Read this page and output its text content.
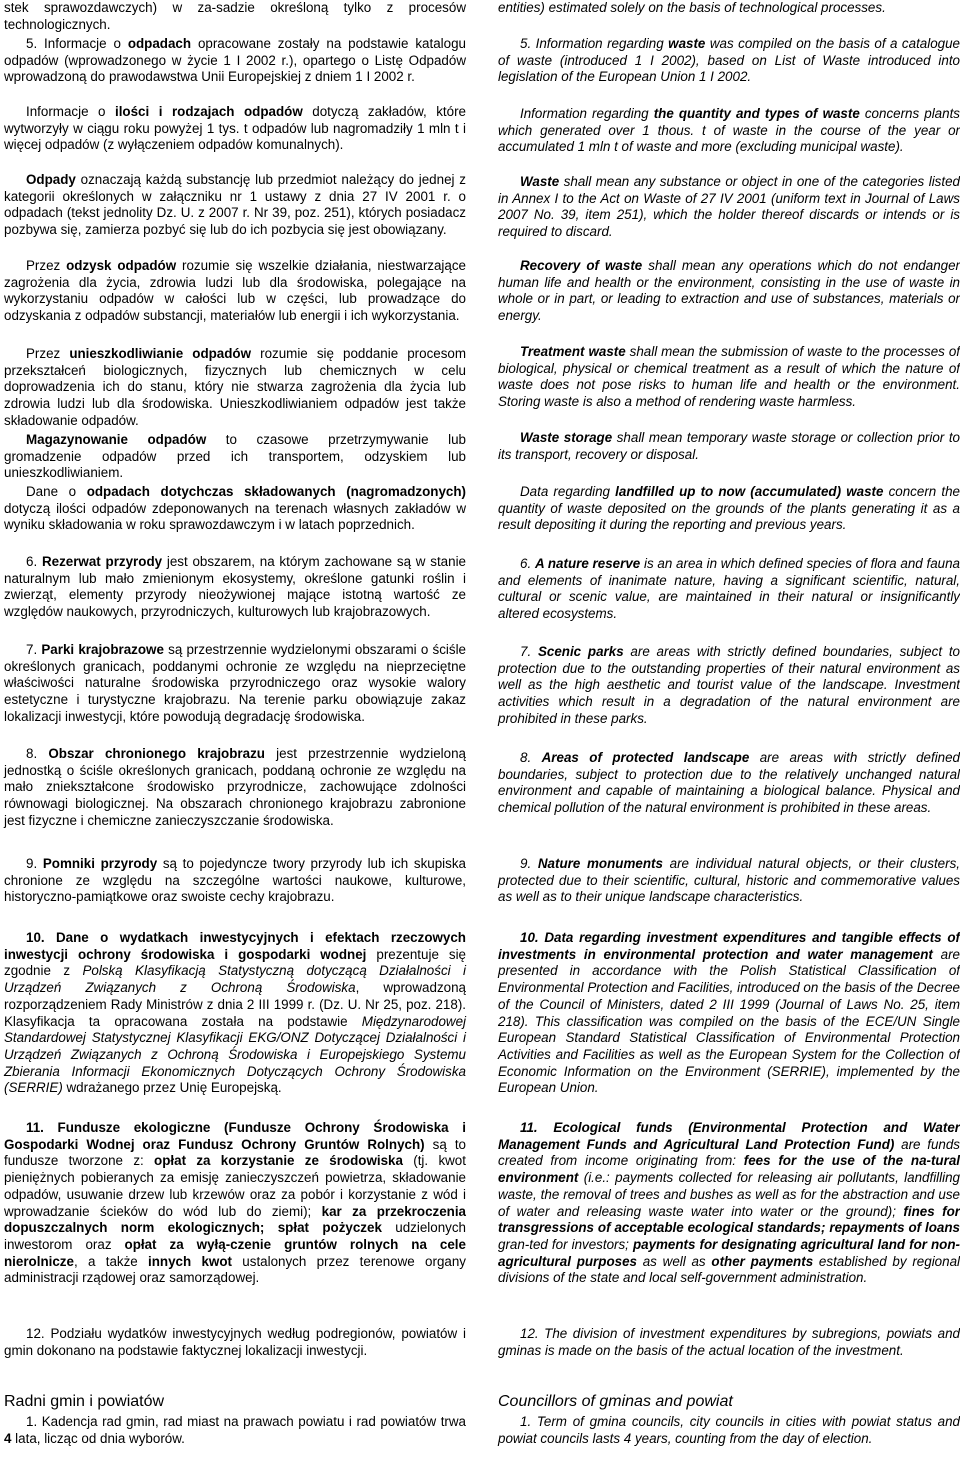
stek sprawozdawczych) w za-sadzie określoną tylko z procesów technologicznych.

5. Informacje o odpadach opracowane zostały na podstawie katalogu odpadów (wprowadzonego w życie 1 I 2002 r.), opartego o Listę Odpadów wprowadzoną do prawodawstwa Unii Europejskiej z dniem 1 I 2002 r.

Informacje o ilości i rodzajach odpadów dotyczą zakładów, które wytworzyły w ciągu roku powyżej 1 tys. t odpadów lub nagromadziły 1 mln t i więcej odpadów (z wyłączeniem odpadów komunalnych).

Odpady oznaczają każdą substancję lub przedmiot należący do jednej z kategorii określonych w załączniku nr 1 ustawy z dnia 27 IV 2001 r. o odpadach (tekst jednolity Dz. U. z 2007 r. Nr 39, poz. 251), których posiadacz pozbywa się, zamierza pozbyć się lub do ich pozbycia się jest obowiązany.

Przez odzysk odpadów rozumie się wszelkie działania, niestwarzające zagrożenia dla życia, zdrowia ludzi lub dla środowiska, polegające na wykorzystaniu odpadów w całości lub w części, lub prowadzące do odzyskania z odpadów substancji, materiałów lub energii i ich wykorzystania.

Przez unieszkodliwianie odpadów rozumie się poddanie procesom przekształceń biologicznych, fizycznych lub chemicznych w celu doprowadzenia ich do stanu, który nie stwarza zagrożenia dla życia lub zdrowia ludzi lub dla środowiska. Unieszkodliwianiem odpadów jest także składowanie odpadów.

Magazynowanie odpadów to czasowe przetrzymywanie lub gromadzenie odpadów przed ich transportem, odzyskiem lub unieszkodliwianiem.

Dane o odpadach dotychczas składowanych (nagromadzonych) dotyczą ilości odpadów zdeponowanych na terenach własnych zakładów w wyniku składowania w roku sprawozdawczym i w latach poprzednich.

6. Rezerwat przyrody jest obszarem, na którym zachowane są w stanie naturalnym lub mało zmienionym ekosystemy, określone gatunki roślin i zwierząt, elementy przyrody nieożywionej mające istotną wartość ze względów naukowych, przyrodniczych, kulturowych lub krajobrazowych.

7. Parki krajobrazowe są przestrzennie wydzielonymi obszarami o ściśle określonych granicach, poddanymi ochronie ze względu na nieprzeciętne właściwości naturalne środowiska przyrodniczego oraz wysokie walory estetyczne i turystyczne krajobrazu. Na terenie parku obowiązuje zakaz lokalizacji inwestycji, które powodują degradację środowiska.

8. Obszar chronionego krajobrazu jest przestrzennie wydzieloną jednostką o ściśle określonych granicach, poddaną ochronie ze względu na mało zniekształcone środowisko przyrodnicze, zachowujące zdolności równowagi biologicznej. Na obszarach chronionego krajobrazu zabronione jest fizyczne i chemiczne zanieczyszczanie środowiska.

9. Pomniki przyrody są to pojedyncze twory przyrody lub ich skupiska chronione ze względu na szczególne wartości naukowe, kulturowe, historyczno-pamiątkowe oraz swoiste cechy krajobrazu.

10. Dane o wydatkach inwestycyjnych i efektach rzeczowych inwestycji ochrony środowiska i gospodarki wodnej prezentuje się zgodnie z Polską Klasyfikacją Statystyczną dotyczącą Działalności i Urządzeń Związanych z Ochroną Środowiska, wprowadzoną rozporządzeniem Rady Ministrów z dnia 2 III 1999 r. (Dz. U. Nr 25, poz. 218). Klasyfikacja ta opracowana została na podstawie Międzynarodowej Standardowej Statystycznej Klasyfikacji EKG/ONZ Dotyczącej Działalności i Urządzeń Związanych z Ochroną Środowiska i Europejskiego Systemu Zbierania Informacji Ekonomicznych Dotyczących Ochrony Środowiska (SERRIE) wdrażanego przez Unię Europejską.

11. Fundusze ekologiczne (Fundusze Ochrony Środowiska i Gospodarki Wodnej oraz Fundusz Ochrony Gruntów Rolnych) są to fundusze tworzone z: opłat za korzystanie ze środowiska (tj. kwot pieniężnych pobieranych za emisję zanieczyszczeń powietrza, składowanie odpadów, usuwanie drzew lub krzewów oraz za pobór i korzystanie z wód i wprowadzanie ścieków do wód lub do ziemi); kar za przekroczenia dopuszczalnych norm ekologicznych; spłat pożyczek udzielonych inwestorom oraz opłat za wyłą-czenie gruntów rolnych na cele nierolnicze, a także innych kwot ustalonych przez terenowe organy administracji rządowej oraz samorządowej.

12. Podziału wydatków inwestycyjnych według podregionów, powiatów i gmin dokonano na podstawie faktycznej lokalizacji inwestycji.

Radni gmin i powiatów

1. Kadencja rad gmin, rad miast na prawach powiatu i rad powiatów trwa 4 lata, licząc od dnia wyborów.

entities) estimated solely on the basis of technological processes.

5. Information regarding waste was compiled on the basis of a catalogue of waste (introduced 1 I 2002), based on List of Waste introduced into legislation of the European Union 1 I 2002.

Information regarding the quantity and types of waste concerns plants which generated over 1 thous. t of waste in the course of the year or accumulated 1 mln t of waste and more (excluding municipal waste).

Waste shall mean any substance or object in one of the categories listed in Annex I to the Act on Waste of 27 IV 2001 (uniform text in Journal of Laws 2007 No. 39, item 251), which the holder thereof discards or intends or is required to discard.

Recovery of waste shall mean any operations which do not endanger human life and health or the environment, consisting in the use of waste in whole or in part, or leading to extraction and use of substances, materials or energy.

Treatment waste shall mean the submission of waste to the processes of biological, physical or chemical treatment as a result of which the nature of waste does not pose risks to human life and health or the environment. Storing waste is also a method of rendering waste harmless.

Waste storage shall mean temporary waste storage or collection prior to its transport, recovery or disposal.

Data regarding landfilled up to now (accumulated) waste concern the quantity of waste deposited on the grounds of the plants generating it as a result depositing it during the reporting and previous years.

6. A nature reserve is an area in which defined species of flora and fauna and elements of inanimate nature, having a significant scientific, natural, cultural or scenic value, are maintained in their natural or insignificantly altered ecosystems.

7. Scenic parks are areas with strictly defined boundaries, subject to protection due to the outstanding properties of their natural environment as well as the high aesthetic and tourist value of the landscape. Investment activities which result in a degradation of the natural environment are prohibited in these parks.

8. Areas of protected landscape are areas with strictly defined boundaries, subject to protection due to the relatively unchanged natural environment and capable of maintaining a biological balance. Physical and chemical pollution of the natural environment is prohibited in these areas.

9. Nature monuments are individual natural objects, or their clusters, protected due to their scientific, cultural, historic and commemorative values as well as to their unique landscape characteristics.

10. Data regarding investment expenditures and tangible effects of investments in environmental protection and water management are presented in accordance with the Polish Statistical Classification of Environmental Protection and Facilities, introduced on the basis of the Decree of the Council of Ministers, dated 2 III 1999 (Journal of Laws No. 25, item 218). This classification was compiled on the basis of the ECE/UN Single European Standard Statistical Classification of Environmental Protection Activities and Facilities as well as the European System for the Collection of Economic Information on the Environment (SERRIE), implemented by the European Union.

11. Ecological funds (Environmental Protection and Water Management Funds and Agricultural Land Protection Fund) are funds created from income originating from: fees for the use of the na-tural environment (i.e.: payments collected for releasing air pollutants, landfilling waste, the removal of trees and bushes as well as for the abstraction and use of water and releasing waste water into water or the ground); fines for transgressions of acceptable ecological standards; repayments of loans gran-ted for investors; payments for designating agricultural land for non-agricultural purposes as well as other payments established by regional divisions of the state and local self-government administration.

12. The division of investment expenditures by subregions, powiats and gminas is made on the basis of the actual location of the investment.

Councillors of gminas and powiat

1. Term of gmina councils, city councils in cities with powiat status and powiat councils lasts 4 years, counting from the day of election.
